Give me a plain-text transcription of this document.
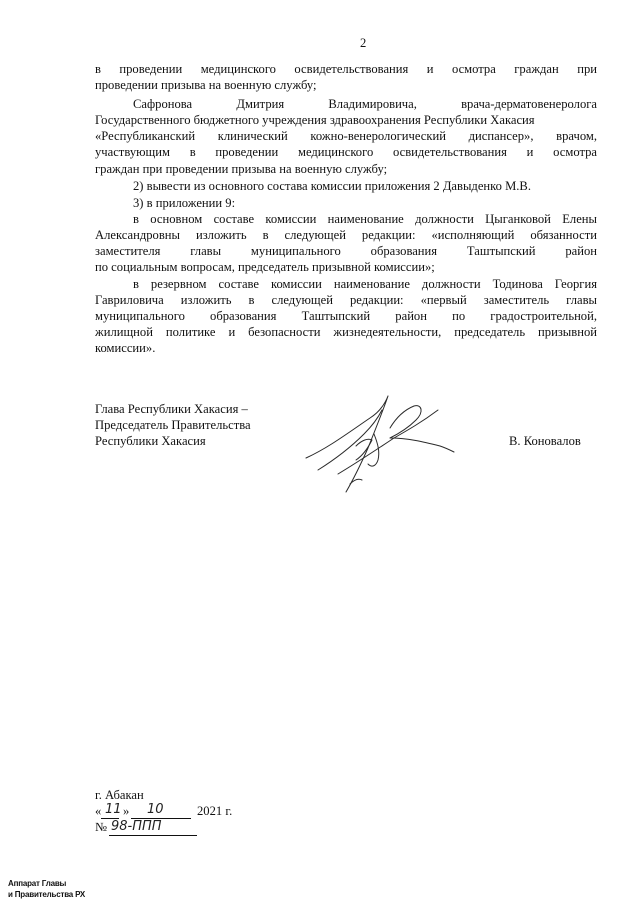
2
в проведении медицинского освидетельствования и осмотра граждан при
проведении призыва на военную службу;
Сафронова Дмитрия Владимировича, врача-дерматовенеролога
Государственного бюджетного учреждения здравоохранения Республики Хакасия
«Республиканский клинический кожно-венерологический диспансер», врачом,
участвующим в проведении медицинского освидетельствования и осмотра
граждан при проведении призыва на военную службу;
2) вывести из основного состава комиссии приложения 2 Давыденко М.В.
3) в приложении 9:
в основном составе комиссии наименование должности Цыганковой Елены
Александровны изложить в следующей редакции: «исполняющий обязанности
заместителя главы муниципального образования Таштыпский район
по социальным вопросам, председатель призывной комиссии»;
в резервном составе комиссии наименование должности Тодинова Георгия
Гавриловича изложить в следующей редакции: «первый заместитель главы
муниципального образования Таштыпский район по градостроительной,
жилищной политике и безопасности жизнедеятельности, председатель призывной
комиссии».
Глава Республики Хакасия –
Председатель Правительства
Республики Хакасия	В. Коновалов
г. Абакан
« 11 » 10	2021 г.
№ 98-ППП
Аппарат Главы
и Правительства РХ
